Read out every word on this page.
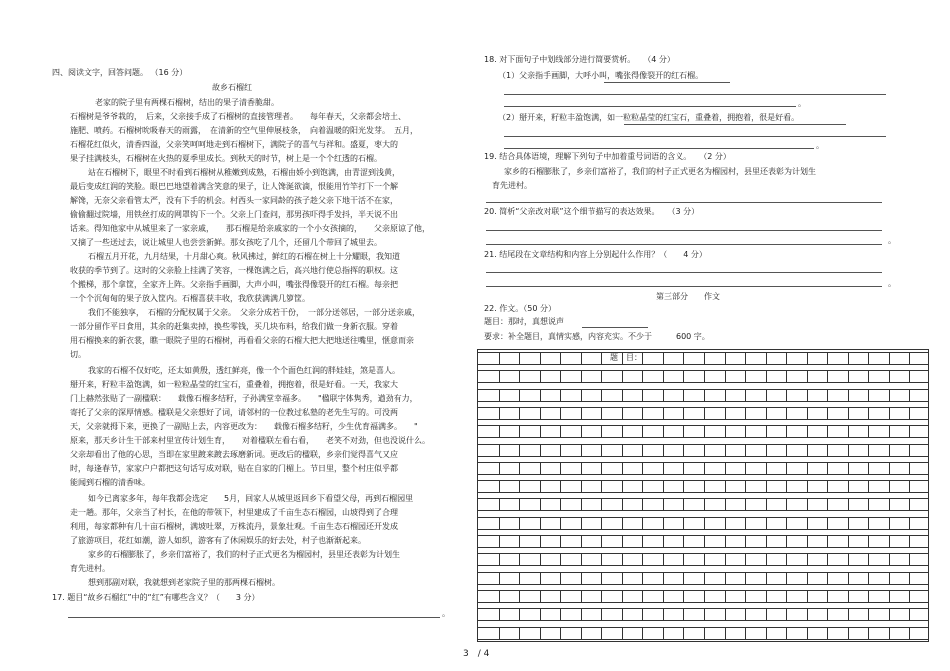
四、阅读文字，回答问题。 （16 分）
故乡石榴红
老家的院子里有两棵石榴树，结出的果子清香脆甜。
石榴树是爷爷栽的，　后来，父亲接手成了石榴树的直接管理者。　　每年春天，父亲都会培土、
施肥、喷药。石榴树吮吸春天的雨露，　在清新的空气里伸展枝条，　向着温暖的阳光发芽。　五月，
石榴花红似火，清香四溢，父亲笑呵呵地走到石榴树下，满院子的喜气与祥和。盛夏，枣大的
果子挂满枝头，石榴树在火热的夏季里成长。到秋天的时节，树上是一个个红透的石榴。
站在石榴树下，眼里不时看到石榴树从稚嫩到成熟，石榴由娇小到饱满，由青涩到浅黄，
最后变成红润的笑脸。眼巴巴地望着满含笑意的果子，让人馋涎欲滴，恨能用竹竿打下一个解
解馋，无奈父亲看管太严，没有下手的机会。村西头一家同龄的孩子趁父亲下地干活不在家，
偷偷翻过院墙，用铁丝打成的网罩钩下一个。父亲上门查问，那男孩吓得手发抖，半天说不出
话来。得知他家中从城里来了一家亲戚，　　那石榴是给亲戚家的一个小女孩摘的，　　父亲原谅了他，
又摘了一些送过去，说让城里人也尝尝新鲜。那女孩吃了几个，还留几个带回了城里去。
石榴五月开花，九月结果，十月甜心爽。秋风拂过，鲜红的石榴在树上十分耀眼，我知道
收获的季节到了。这时的父亲脸上挂满了笑容，一棵饱满之后，高兴地行使总指挥的职权。这
个搬梯，那个拿筐，全家齐上阵。父亲指手画脚，大声小叫，嘴张得像裂开的红石榴。每亲把
一个个沉甸甸的果子放入筐内。石榴喜获丰收，我欣获满满几箩筐。
我们不能独享，　石榴的分配权属于父亲。　父亲分成若干份，　一部分送邻居，一部分送亲戚，
一部分留作平日食用，其余的赶集卖掉，换些零钱，买几块布料，给我们做一身新衣服。穿着
用石榴换来的新衣裳，瞧一眼院子里的石榴树，再看看父亲的石榴大把大把地送往嘴里，惬意而亲
切。
我家的石榴不仅好吃，还太如黄殷，透红鲜亮，像一个个面色红润的胖娃娃，煞是喜人。
掰开来，籽粒丰盈饱满，如一粒粒晶莹的红宝石，重叠着，拥抱着，很是好看。一天，我家大
门上赫然张贴了一副楹联：　　载像石榴多结籽，子孙满堂幸福多。　　"楹联字体隽秀，遒劲有力，
寄托了父亲的深厚情感。楹联是父亲想好了词，请邻村的一位教过私塾的老先生写的。可没两
天，父亲就拇下来，更换了一副贴上去，内容更改为：　　载像石榴多结籽，少生优育福满多。　　"
原来，那天乡计生干部来村里宣传计划生育，　　对着楹联左看右看，　　老笑不对劲，但也没说什么。
父亲却看出了他的心思，当即在家里踱来踱去琢磨新词。更改后的楹联，乡亲们觉得喜气又应
时，每逢春节，家家户户都把这句话写成对联，贴在自家的门楣上。节日里，整个村庄似乎都
能闻到石榴的清香味。
如今已离家多年，每年我都会选定　　5月，回家人从城里返回乡下看望父母，再到石榴园里
走一趟。那年，父亲当了村长，在他的带领下，村里建成了千亩生态石榴园，山坡得到了合理
利用，每家都种有几十亩石榴树，满坡吐翠，万株流丹，景象壮观。千亩生态石榴园还开发成
了旅游项目，花红如潮，游人如织，游客有了休闲娱乐的好去处，村子也渐渐起来。
家乡的石榴膨胀了，乡亲们富裕了，我们的村子正式更名为榴园村，县里还表彰为计划生
育先进村。
想到那副对联，我就想到老家院子里的那两棵石榴树。
17. 题目“故乡石榴红”中的“红”有哪些含义？（　　3 分）
。
18. 对下面句子中划线部分进行简要赏析。　　（4 分）
（1）父亲指手画脚，大呼小叫，嘴张得像裂开的红石榴。
。
（2）掰开来，籽粒丰盈饱满，如一粒粒晶莹的红宝石，重叠着，拥抱着，很是好看。
。
19. 结合具体语境，理解下列句子中加着重号词语的含义。　　（2 分）
家乡的石榴膨胀了，乡亲们富裕了，我们的村子正式更名为榴园村，县里还表彰为计划生
育先进村。
20. 简析“父亲改对联”这个细节描写的表达效果。　　（3 分）
。
21. 结尾段在文章结构和内容上分别起什么作用？（　　4 分）
。
第三部分　　作文
22. 作文。（50 分）
题目：那时，真想说声
要求：补全题目，真情实感，内容充实。不少于　　　600 字。
题　目：
3　/ 4
